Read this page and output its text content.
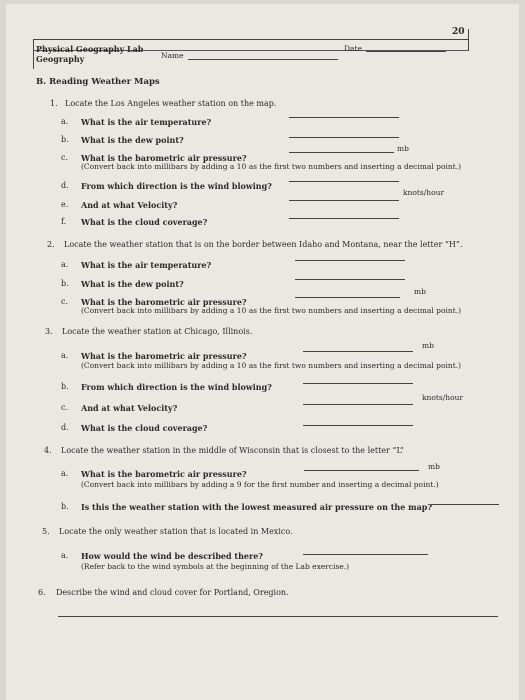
20
Physical Geography Lab
Geography	Name
Date
B. Reading Weather Maps
1. Locate the Los Angeles weather station on the map.
a. What is the air temperature?
b. What is the dew point?
c. What is the barometric air pressure?
mb
(Convert back into millibars by adding a 10 as the first two numbers and inserting a decimal point.)
d. From which direction is the wind blowing?
e. And at what Velocity?
knots/hour
f. What is the cloud coverage?
2. Locate the weather station that is on the border between Idaho and Montana, near the letter “H”.
a. What is the air temperature?
b. What is the dew point?
c. What is the barometric air pressure?
mb
(Convert back into millibars by adding a 10 as the first two numbers and inserting a decimal point.)
3. Locate the weather station at Chicago, Illinois.
a. What is the barometric air pressure?
mb
(Convert back into millibars by adding a 10 as the first two numbers and inserting a decimal point.)
b. From which direction is the wind blowing?
c. And at what Velocity?
knots/hour
d. What is the cloud coverage?
4. Locate the weather station in the middle of Wisconsin that is closest to the letter “L”
a. What is the barometric air pressure?
mb
(Convert back into millibars by adding a 9 for the first number and inserting a decimal point.)
b. Is this the weather station with the lowest measured air pressure on the map?
5. Locate the only weather station that is located in Mexico.
a. How would the wind be described there?
(Refer back to the wind symbols at the beginning of the Lab exercise.)
6. Describe the wind and cloud cover for Portland, Oregion.
